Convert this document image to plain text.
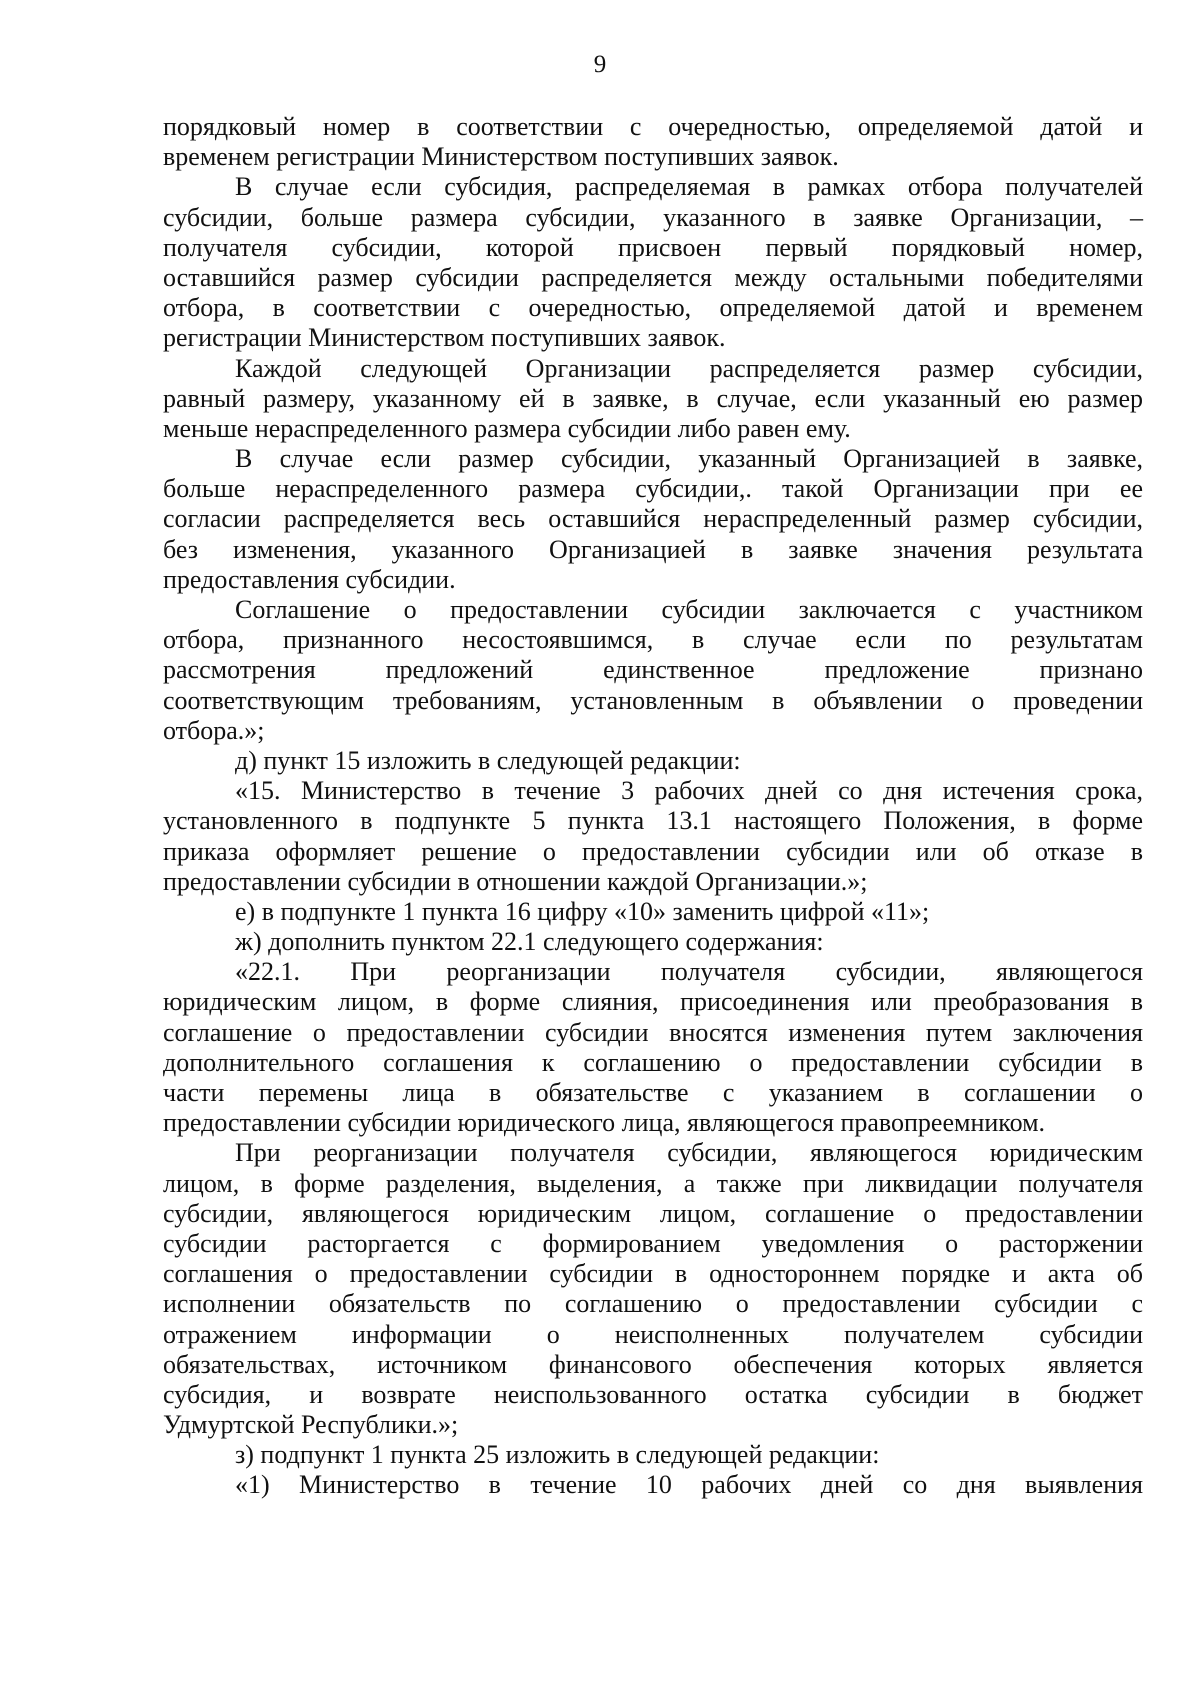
9
порядковый номер в соответствии с очередностью, определяемой датой и
временем регистрации Министерством поступивших заявок.
В случае если субсидия, распределяемая в рамках отбора получателей
субсидии, больше размера субсидии, указанного в заявке Организации, –
получателя субсидии, которой присвоен первый порядковый номер,
оставшийся размер субсидии распределяется между остальными победителями
отбора, в соответствии с очередностью, определяемой датой и временем
регистрации Министерством поступивших заявок.
Каждой следующей Организации распределяется размер субсидии,
равный размеру, указанному ей в заявке, в случае, если указанный ею размер
меньше нераспределенного размера субсидии либо равен ему.
В случае если размер субсидии, указанный Организацией в заявке,
больше нераспределенного размера субсидии,. такой Организации при ее
согласии распределяется весь оставшийся нераспределенный размер субсидии,
без изменения, указанного Организацией в заявке значения результата
предоставления субсидии.
Соглашение о предоставлении субсидии заключается с участником
отбора, признанного несостоявшимся, в случае если по результатам
рассмотрения предложений единственное предложение признано
соответствующим требованиям, установленным в объявлении о проведении
отбора.»;
д) пункт 15 изложить в следующей редакции:
«15. Министерство в течение 3 рабочих дней со дня истечения срока,
установленного в подпункте 5 пункта 13.1 настоящего Положения, в форме
приказа оформляет решение о предоставлении субсидии или об отказе в
предоставлении субсидии в отношении каждой Организации.»;
е) в подпункте 1 пункта 16 цифру «10» заменить цифрой «11»;
ж) дополнить пунктом 22.1 следующего содержания:
«22.1. При реорганизации получателя субсидии, являющегося
юридическим лицом, в форме слияния, присоединения или преобразования в
соглашение о предоставлении субсидии вносятся изменения путем заключения
дополнительного соглашения к соглашению о предоставлении субсидии в
части перемены лица в обязательстве с указанием в соглашении о
предоставлении субсидии юридического лица, являющегося правопреемником.
При реорганизации получателя субсидии, являющегося юридическим
лицом, в форме разделения, выделения, а также при ликвидации получателя
субсидии, являющегося юридическим лицом, соглашение о предоставлении
субсидии расторгается с формированием уведомления о расторжении
соглашения о предоставлении субсидии в одностороннем порядке и акта об
исполнении обязательств по соглашению о предоставлении субсидии с
отражением информации о неисполненных получателем субсидии
обязательствах, источником финансового обеспечения которых является
субсидия, и возврате неиспользованного остатка субсидии в бюджет
Удмуртской Республики.»;
з) подпункт 1 пункта 25 изложить в следующей редакции:
«1) Министерство в течение 10 рабочих дней со дня выявления
